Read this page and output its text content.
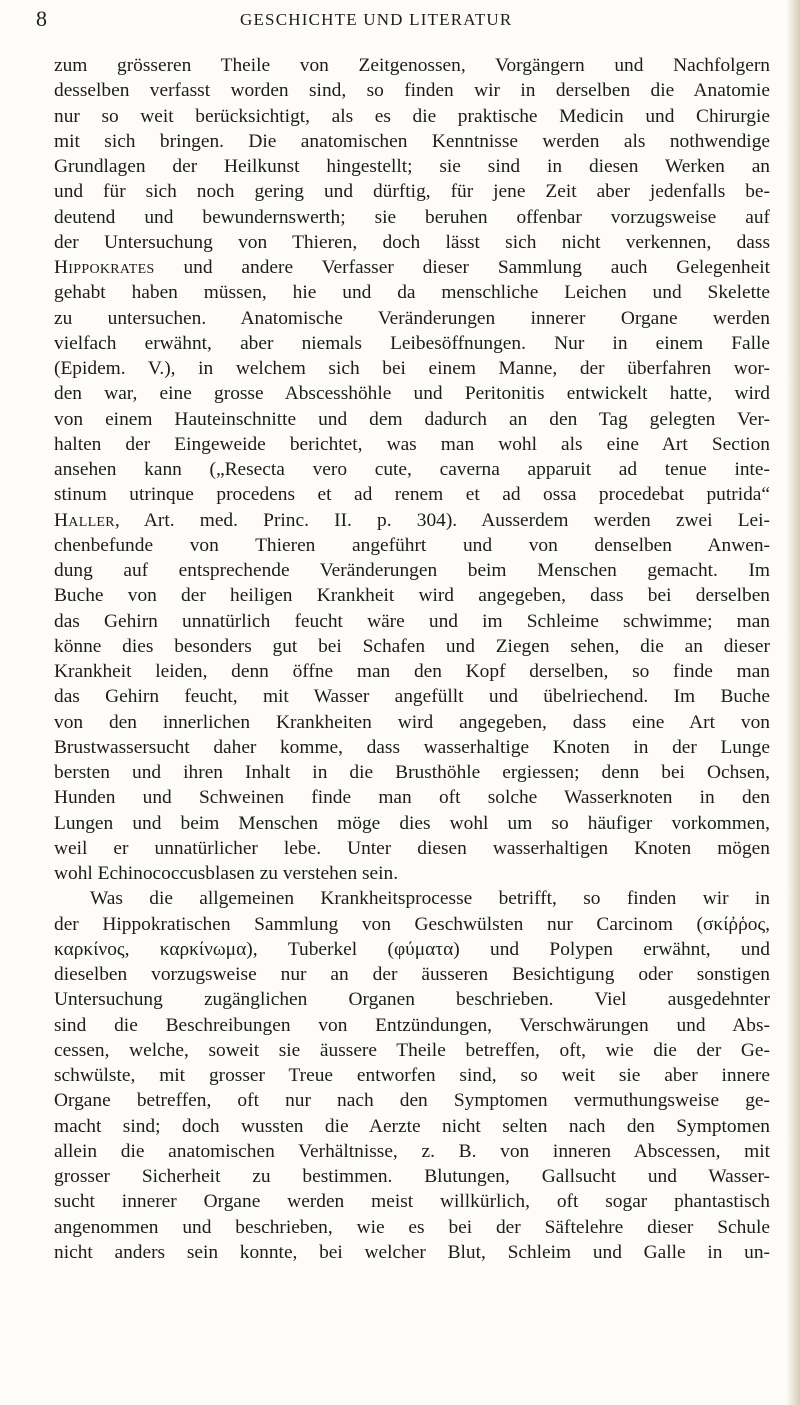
8	GESCHICHTE UND LITERATUR
zum grösseren Theile von Zeitgenossen, Vorgängern und Nachfolgern
desselben verfasst worden sind, so finden wir in derselben die Anatomie
nur so weit berücksichtigt, als es die praktische Medicin und Chirurgie
mit sich bringen. Die anatomischen Kenntnisse werden als nothwendige
Grundlagen der Heilkunst hingestellt; sie sind in diesen Werken an
und für sich noch gering und dürftig, für jene Zeit aber jedenfalls be-
deutend und bewundernswerth; sie beruhen offenbar vorzugsweise auf
der Untersuchung von Thieren, doch lässt sich nicht verkennen, dass
Hippokrates und andere Verfasser dieser Sammlung auch Gelegenheit
gehabt haben müssen, hie und da menschliche Leichen und Skelette
zu untersuchen. Anatomische Veränderungen innerer Organe werden
vielfach erwähnt, aber niemals Leibesöffnungen. Nur in einem Falle
(Epidem. V.), in welchem sich bei einem Manne, der überfahren wor-
den war, eine grosse Abscesshöhle und Peritonitis entwickelt hatte, wird
von einem Hauteinschnitte und dem dadurch an den Tag gelegten Ver-
halten der Eingeweide berichtet, was man wohl als eine Art Section
ansehen kann („Resecta vero cute, caverna apparuit ad tenue inte-
stinum utrinque procedens et ad renem et ad ossa procedebat putrida“
Haller, Art. med. Princ. II. p. 304). Ausserdem werden zwei Lei-
chenbefunde von Thieren angeführt und von denselben Anwen-
dung auf entsprechende Veränderungen beim Menschen gemacht. Im
Buche von der heiligen Krankheit wird angegeben, dass bei derselben
das Gehirn unnatürlich feucht wäre und im Schleime schwimme; man
könne dies besonders gut bei Schafen und Ziegen sehen, die an dieser
Krankheit leiden, denn öffne man den Kopf derselben, so finde man
das Gehirn feucht, mit Wasser angefüllt und übelriechend. Im Buche
von den innerlichen Krankheiten wird angegeben, dass eine Art von
Brustwassersucht daher komme, dass wasserhaltige Knoten in der Lunge
bersten und ihren Inhalt in die Brusthöhle ergiessen; denn bei Ochsen,
Hunden und Schweinen finde man oft solche Wasserknoten in den
Lungen und beim Menschen möge dies wohl um so häufiger vorkommen,
weil er unnatürlicher lebe. Unter diesen wasserhaltigen Knoten mögen
wohl Echinococcusblasen zu verstehen sein.
Was die allgemeinen Krankheitsprocesse betrifft, so finden wir in
der Hippokratischen Sammlung von Geschwülsten nur Carcinom (σκίῤῥος,
καρκίνος, καρκίνωμα), Tuberkel (φύματα) und Polypen erwähnt, und
dieselben vorzugsweise nur an der äusseren Besichtigung oder sonstigen
Untersuchung zugänglichen Organen beschrieben. Viel ausgedehnter
sind die Beschreibungen von Entzündungen, Verschwärungen und Abs-
cessen, welche, soweit sie äussere Theile betreffen, oft, wie die der Ge-
schwülste, mit grosser Treue entworfen sind, so weit sie aber innere
Organe betreffen, oft nur nach den Symptomen vermuthungsweise ge-
macht sind; doch wussten die Aerzte nicht selten nach den Symptomen
allein die anatomischen Verhältnisse, z. B. von inneren Abscessen, mit
grosser Sicherheit zu bestimmen. Blutungen, Gallsucht und Wasser-
sucht innerer Organe werden meist willkürlich, oft sogar phantastisch
angenommen und beschrieben, wie es bei der Säftelehre dieser Schule
nicht anders sein konnte, bei welcher Blut, Schleim und Galle in un-
